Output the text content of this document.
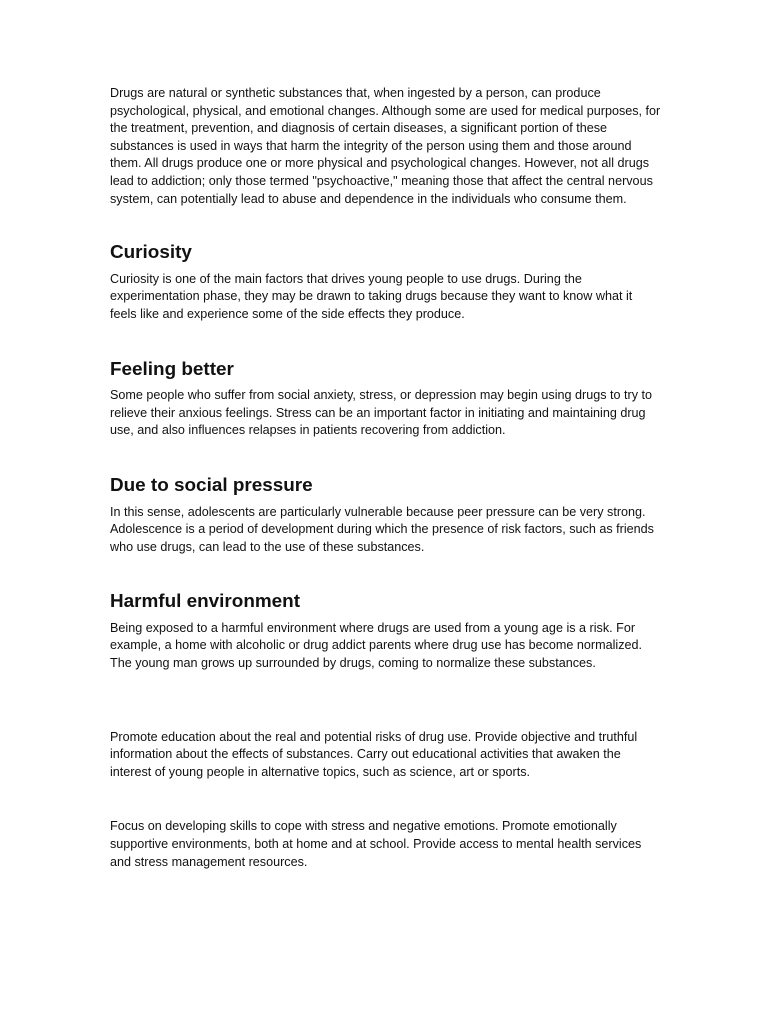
Drugs are natural or synthetic substances that, when ingested by a person, can produce psychological, physical, and emotional changes. Although some are used for medical purposes, for the treatment, prevention, and diagnosis of certain diseases, a significant portion of these substances is used in ways that harm the integrity of the person using them and those around them. All drugs produce one or more physical and psychological changes. However, not all drugs lead to addiction; only those termed "psychoactive," meaning those that affect the central nervous system, can potentially lead to abuse and dependence in the individuals who consume them.

Curiosity

Curiosity is one of the main factors that drives young people to use drugs. During the experimentation phase, they may be drawn to taking drugs because they want to know what it feels like and experience some of the side effects they produce.

Feeling better

Some people who suffer from social anxiety, stress, or depression may begin using drugs to try to relieve their anxious feelings. Stress can be an important factor in initiating and maintaining drug use, and also influences relapses in patients recovering from addiction.

Due to social pressure

In this sense, adolescents are particularly vulnerable because peer pressure can be very strong. Adolescence is a period of development during which the presence of risk factors, such as friends who use drugs, can lead to the use of these substances.

Harmful environment

Being exposed to a harmful environment where drugs are used from a young age is a risk. For example, a home with alcoholic or drug addict parents where drug use has become normalized. The young man grows up surrounded by drugs, coming to normalize these substances.

Promote education about the real and potential risks of drug use. Provide objective and truthful information about the effects of substances. Carry out educational activities that awaken the interest of young people in alternative topics, such as science, art or sports.

Focus on developing skills to cope with stress and negative emotions. Promote emotionally supportive environments, both at home and at school. Provide access to mental health services and stress management resources.
